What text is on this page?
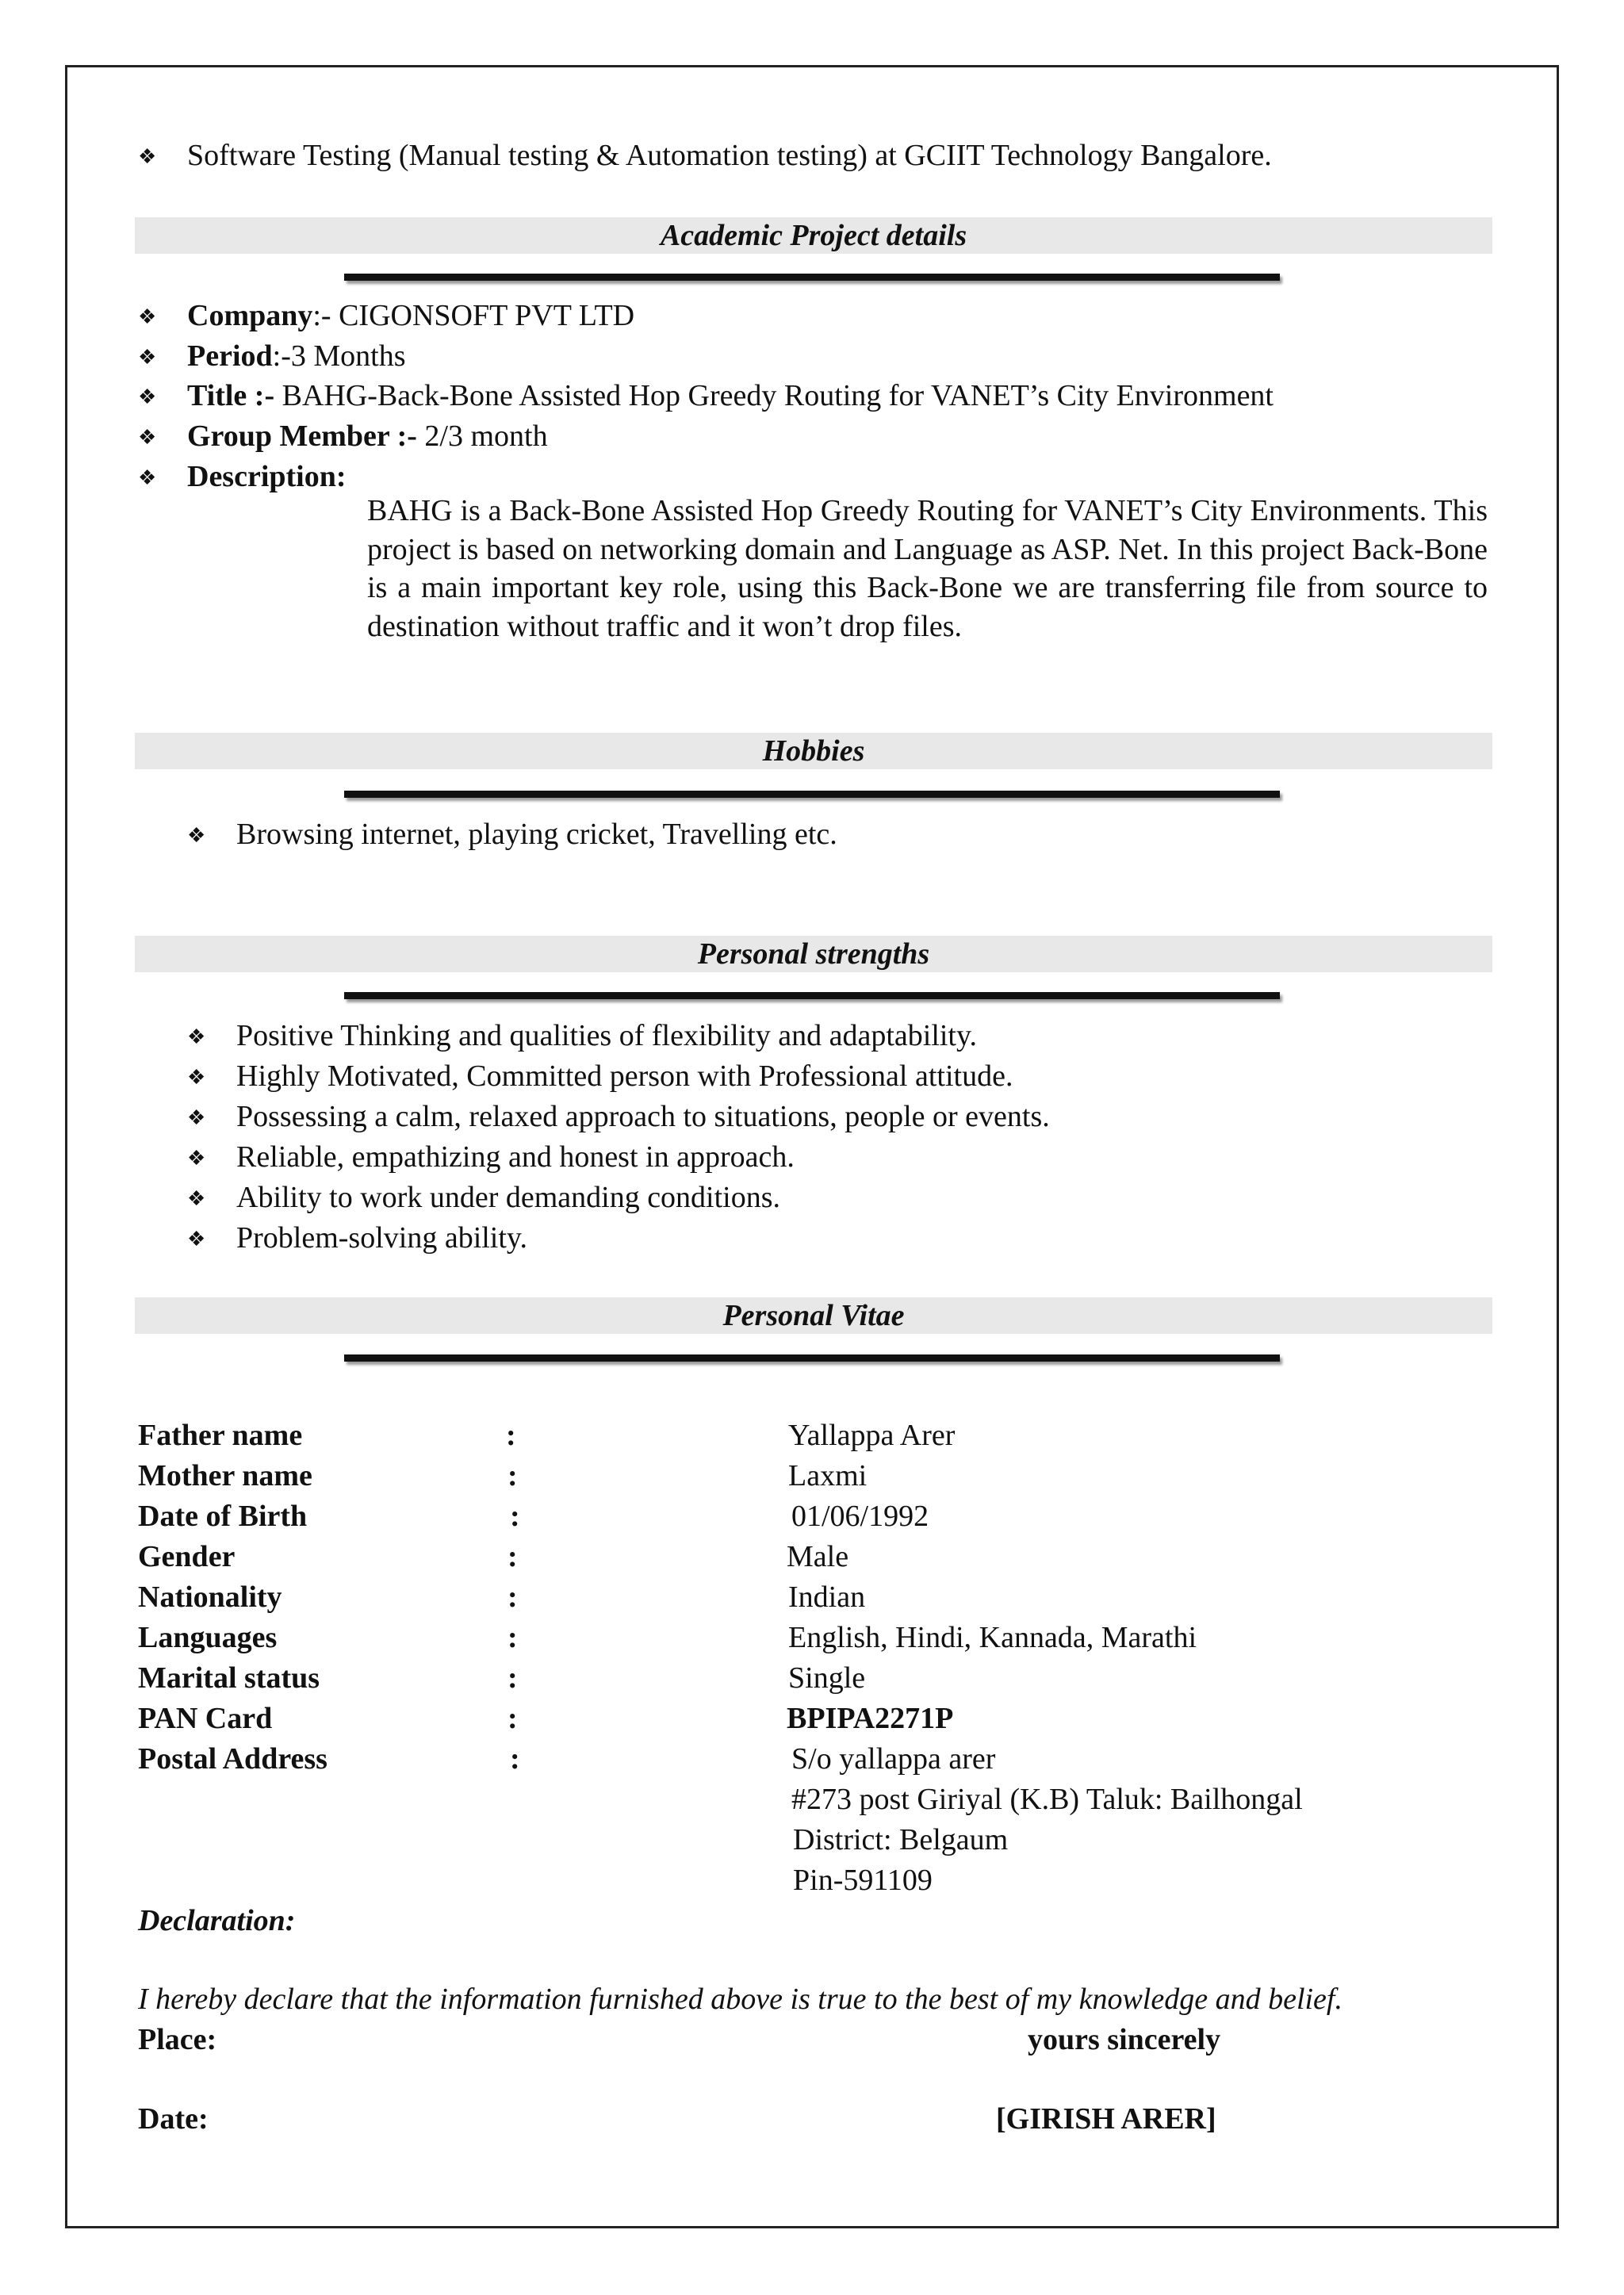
❖ Software Testing (Manual testing & Automation testing) at GCIIT Technology Bangalore.
Academic Project details
❖ Company:- CIGONSOFT PVT LTD
❖ Period:-3 Months
❖ Title :- BAHG-Back-Bone Assisted Hop Greedy Routing for VANET’s City Environment
❖ Group Member :- 2/3 month
❖ Description:
BAHG is a Back-Bone Assisted Hop Greedy Routing for VANET’s City Environments. This project is based on networking domain and Language as ASP. Net. In this project Back-Bone is a main important key role, using this Back-Bone we are transferring file from source to destination without traffic and it won’t drop files.
Hobbies
❖ Browsing internet, playing cricket, Travelling etc.
Personal strengths
❖ Positive Thinking and qualities of flexibility and adaptability.
❖ Highly Motivated, Committed person with Professional attitude.
❖ Possessing a calm, relaxed approach to situations, people or events.
❖ Reliable, empathizing and honest in approach.
❖ Ability to work under demanding conditions.
❖ Problem-solving ability.
Personal Vitae
Father name	:	Yallappa Arer
Mother name	:	Laxmi
Date of Birth	:	01/06/1992
Gender	:	Male
Nationality	:	Indian
Languages	:	English, Hindi, Kannada, Marathi
Marital status	:	Single
PAN Card	:	BPIPA2271P
Postal Address	:	S/o yallappa arer
#273 post Giriyal (K.B) Taluk: Bailhongal
District: Belgaum
Pin-591109
Declaration:
I hereby declare that the information furnished above is true to the best of my knowledge and belief.
Place:	yours sincerely
Date:	[GIRISH ARER]
